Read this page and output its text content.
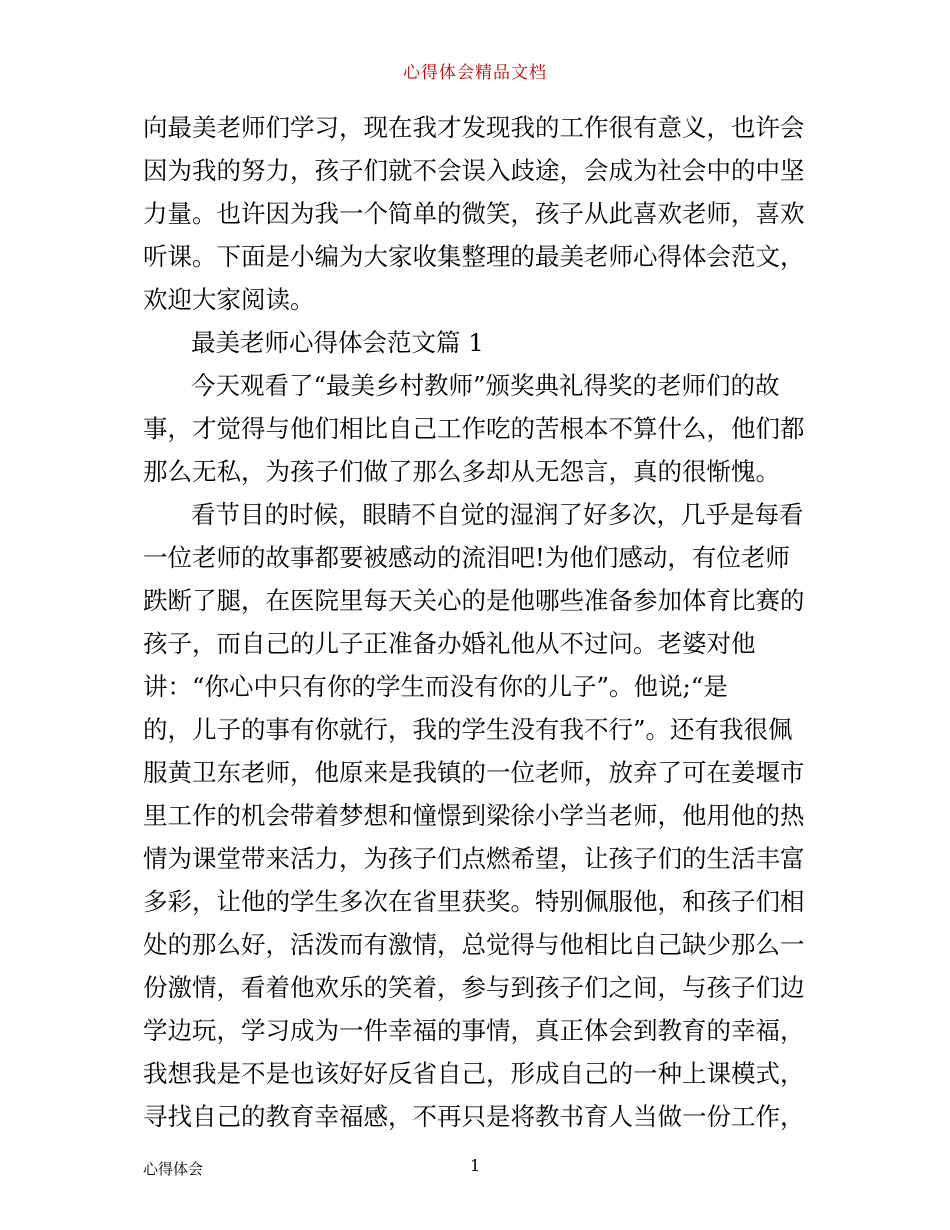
心得体会精品文档
向最美老师们学习，现在我才发现我的工作很有意义，也许会
因为我的努力，孩子们就不会误入歧途，会成为社会中的中坚
力量。也许因为我一个简单的微笑，孩子从此喜欢老师，喜欢
听课。下面是小编为大家收集整理的最美老师心得体会范文，
欢迎大家阅读。
最美老师心得体会范文篇 1
今天观看了“最美乡村教师”颁奖典礼得奖的老师们的故
事，才觉得与他们相比自己工作吃的苦根本不算什么，他们都
那么无私，为孩子们做了那么多却从无怨言，真的很惭愧。
看节目的时候，眼睛不自觉的湿润了好多次，几乎是每看
一位老师的故事都要被感动的流泪吧!为他们感动，有位老师
跌断了腿，在医院里每天关心的是他哪些准备参加体育比赛的
孩子，而自己的儿子正准备办婚礼他从不过问。老婆对他
讲：“你心中只有你的学生而没有你的儿子”。他说;“是
的，儿子的事有你就行，我的学生没有我不行”。还有我很佩
服黄卫东老师，他原来是我镇的一位老师，放弃了可在姜堰市
里工作的机会带着梦想和憧憬到梁徐小学当老师，他用他的热
情为课堂带来活力，为孩子们点燃希望，让孩子们的生活丰富
多彩，让他的学生多次在省里获奖。特别佩服他，和孩子们相
处的那么好，活泼而有激情，总觉得与他相比自己缺少那么一
份激情，看着他欢乐的笑着，参与到孩子们之间，与孩子们边
学边玩，学习成为一件幸福的事情，真正体会到教育的幸福，
我想我是不是也该好好反省自己，形成自己的一种上课模式，
寻找自己的教育幸福感，不再只是将教书育人当做一份工作，
心得体会	1
